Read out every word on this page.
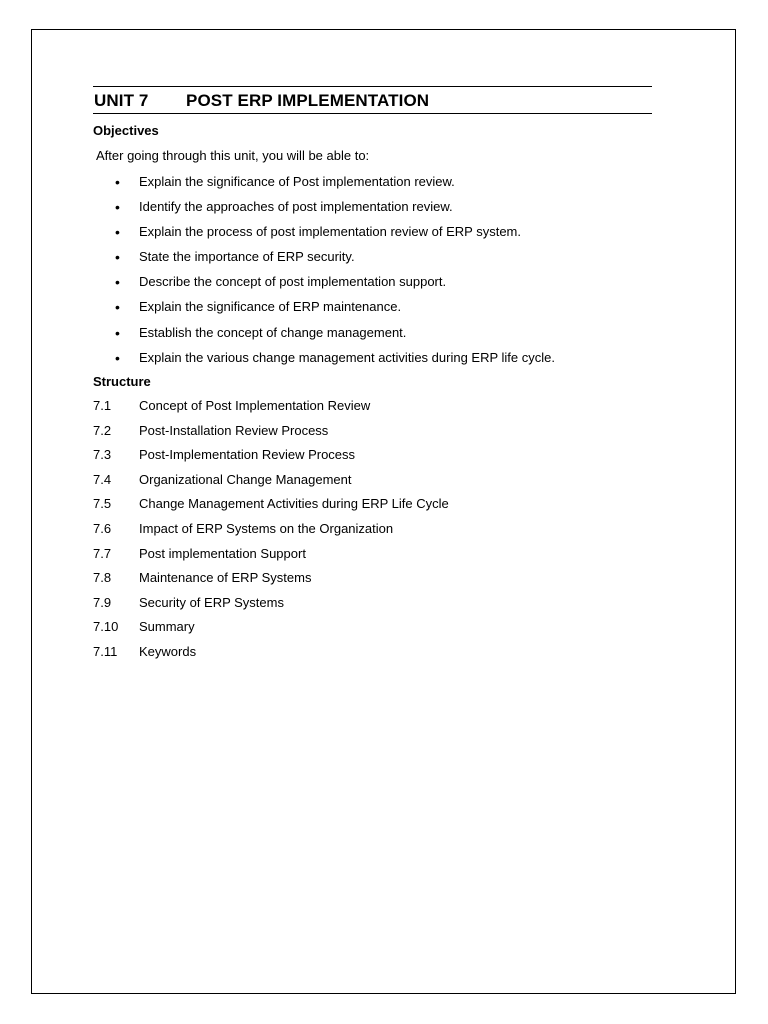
UNIT 7 POST ERP IMPLEMENTATION
Objectives
After going through this unit, you will be able to:
• Explain the significance of Post implementation review.
• Identify the approaches of post implementation review.
• Explain the process of post implementation review of ERP system.
• State the importance of ERP security.
• Describe the concept of post implementation support.
• Explain the significance of ERP maintenance.
• Establish the concept of change management.
• Explain the various change management activities during ERP life cycle.
Structure
7.1 Concept of Post Implementation Review
7.2 Post-Installation Review Process
7.3 Post-Implementation Review Process
7.4 Organizational Change Management
7.5 Change Management Activities during ERP Life Cycle
7.6 Impact of ERP Systems on the Organization
7.7 Post implementation Support
7.8 Maintenance of ERP Systems
7.9 Security of ERP Systems
7.10 Summary
7.11 Keywords
